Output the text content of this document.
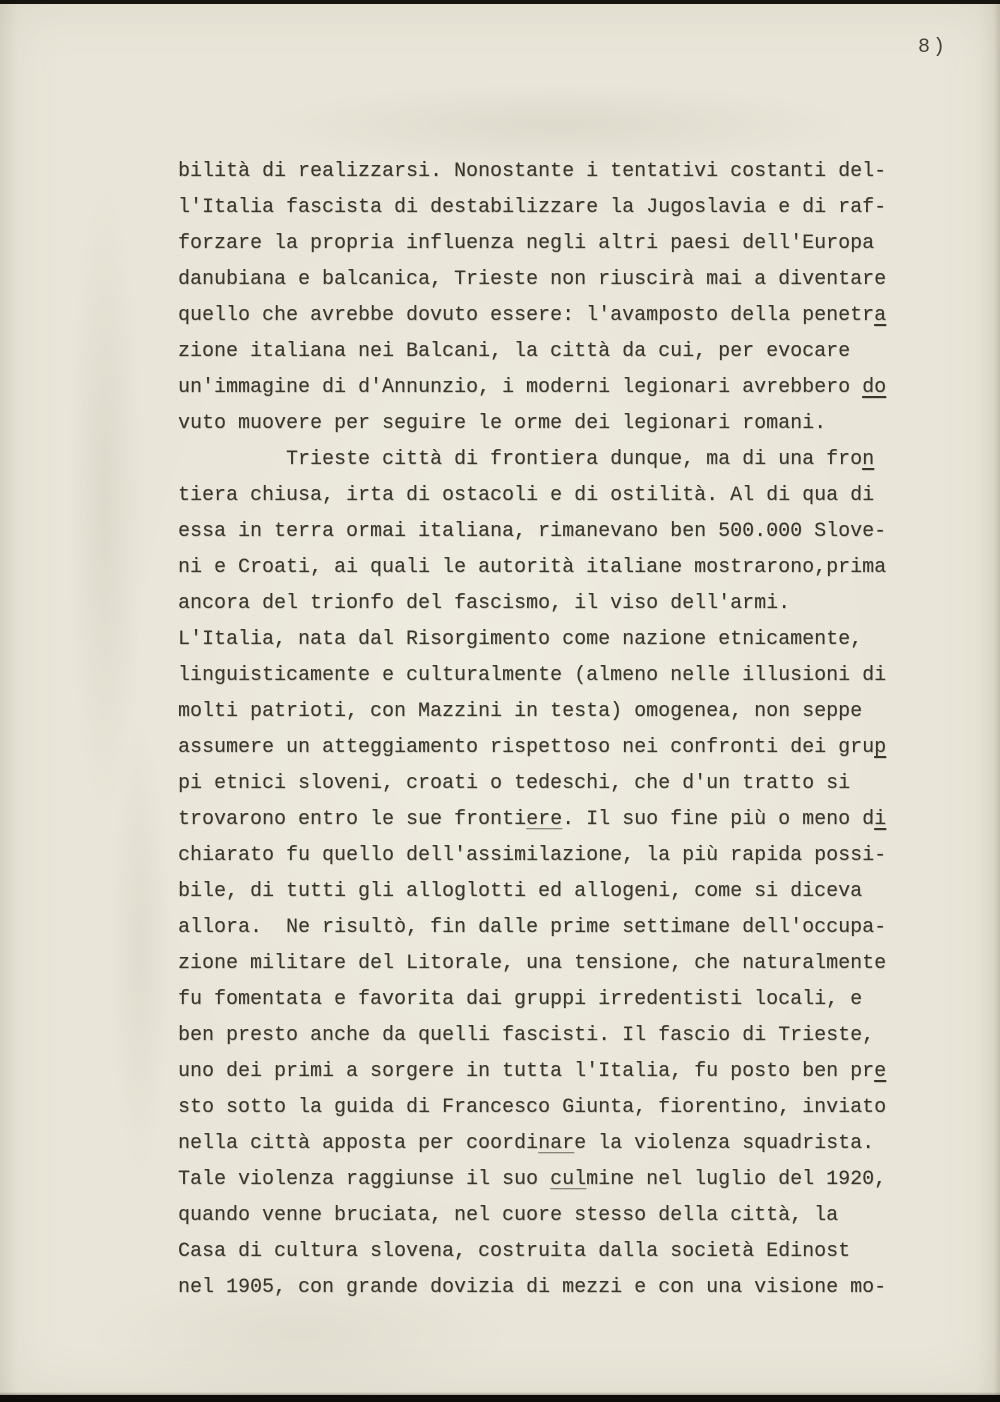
8)
bilità di realizzarsi. Nonostante i tentativi costanti del-
l'Italia fascista di destabilizzare la Jugoslavia e di raf-
forzare la propria influenza negli altri paesi dell'Europa
danubiana e balcanica, Trieste non riuscirà mai a diventare
quello che avrebbe dovuto essere: l'avamposto della penetra
zione italiana nei Balcani, la città da cui, per evocare
un'immagine di d'Annunzio, i moderni legionari avrebbero do
vuto muovere per seguire le orme dei legionari romani.
Trieste città di frontiera dunque, ma di una fron
tiera chiusa, irta di ostacoli e di ostilità. Al di qua di
essa in terra ormai italiana, rimanevano ben 500.000 Slove-
ni e Croati, ai quali le autorità italiane mostrarono,prima
ancora del trionfo del fascismo, il viso dell'armi.
L'Italia, nata dal Risorgimento come nazione etnicamente,
linguisticamente e culturalmente (almeno nelle illusioni di
molti patrioti, con Mazzini in testa) omogenea, non seppe
assumere un atteggiamento rispettoso nei confronti dei grup
pi etnici sloveni, croati o tedeschi, che d'un tratto si
trovarono entro le sue frontiere. Il suo fine più o meno di
chiarato fu quello dell'assimilazione, la più rapida possi-
bile, di tutti gli alloglotti ed allogeni, come si diceva
allora.  Ne risultò, fin dalle prime settimane dell'occupa-
zione militare del Litorale, una tensione, che naturalmente
fu fomentata e favorita dai gruppi irredentisti locali, e
ben presto anche da quelli fascisti. Il fascio di Trieste,
uno dei primi a sorgere in tutta l'Italia, fu posto ben pre
sto sotto la guida di Francesco Giunta, fiorentino, inviato
nella città apposta per coordinare la violenza squadrista.
Tale violenza raggiunse il suo culmine nel luglio del 1920,
quando venne bruciata, nel cuore stesso della città, la
Casa di cultura slovena, costruita dalla società Edinost
nel 1905, con grande dovizia di mezzi e con una visione mo-
